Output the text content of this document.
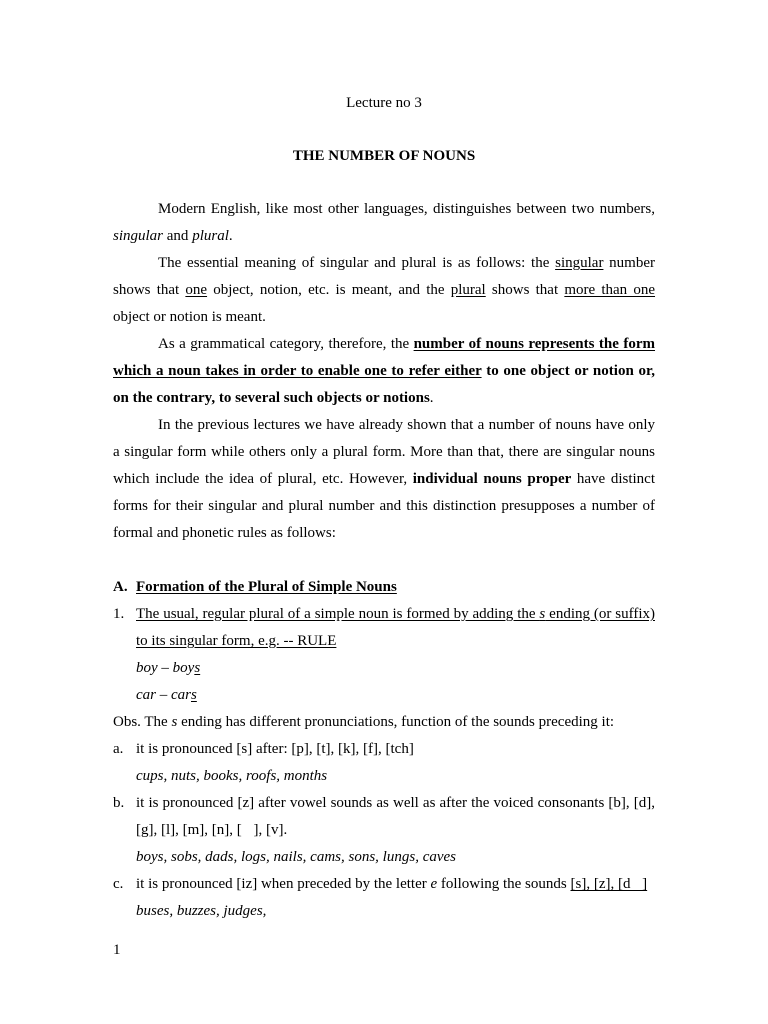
Lecture no 3

THE NUMBER OF NOUNS

Modern English, like most other languages, distinguishes between two numbers, singular and plural.

The essential meaning of singular and plural is as follows: the singular number shows that one object, notion, etc. is meant, and the plural shows that more than one object or notion is meant.

As a grammatical category, therefore, the number of nouns represents the form which a noun takes in order to enable one to refer either to one object or notion or, on the contrary, to several such objects or notions.

In the previous lectures we have already shown that a number of nouns have only a singular form while others only a plural form. More than that, there are singular nouns which include the idea of plural, etc. However, individual nouns proper have distinct forms for their singular and plural number and this distinction presupposes a number of formal and phonetic rules as follows:

A. Formation of the Plural of Simple Nouns
1. The usual, regular plural of a simple noun is formed by adding the s ending (or suffix) to its singular form, e.g. -- RULE
boy – boys
car – cars
Obs. The s ending has different pronunciations, function of the sounds preceding it:
a. it is pronounced [s] after: [p], [t], [k], [f], [tch]
cups, nuts, books, roofs, months
b. it is pronounced [z] after vowel sounds as well as after the voiced consonants [b], [d], [g], [l], [m], [n], [ ], [v].
boys, sobs, dads, logs, nails, cams, sons, lungs, caves
c. it is pronounced [iz] when preceded by the letter e following the sounds [s], [z], [d ]
buses, buzzes, judges,
1
